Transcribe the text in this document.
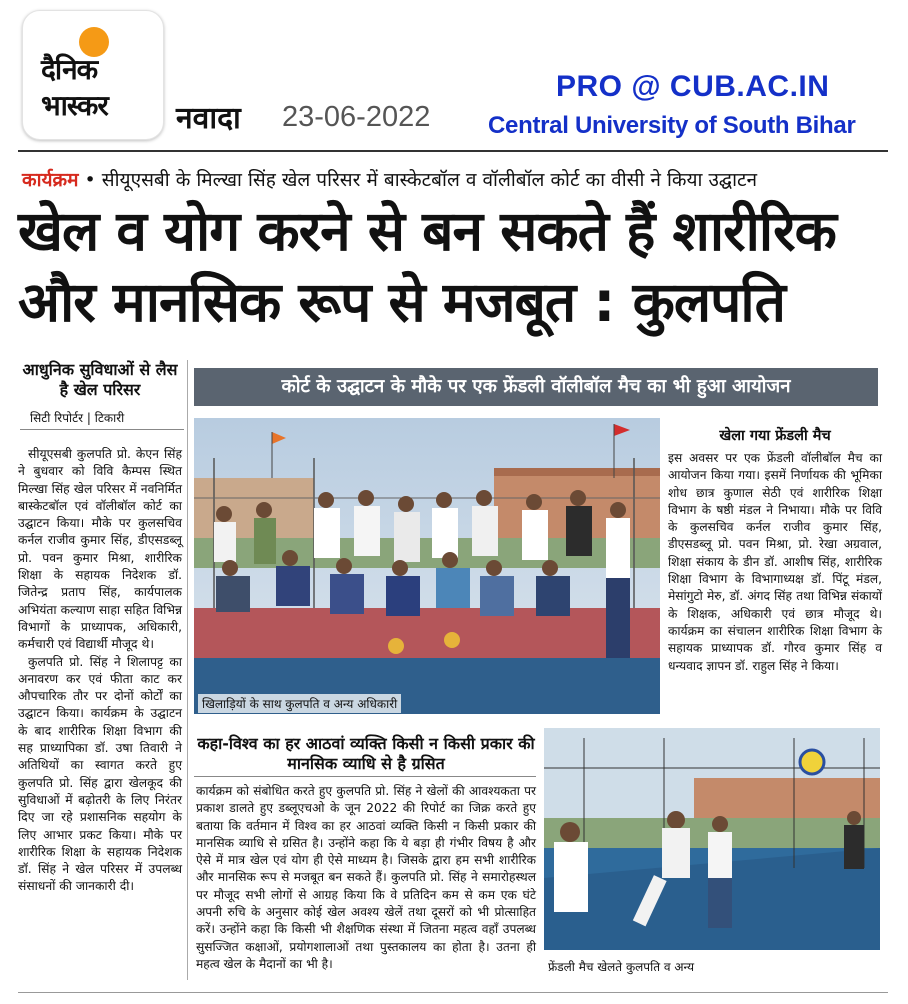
दैनिक
भास्कर नवादा 23-06-2022
PRO @ CUB.AC.IN
Central University of South Bihar
कार्यक्रम • सीयूएसबी के मिल्खा सिंह खेल परिसर में बास्केटबॉल व वॉलीबॉल कोर्ट का वीसी ने किया उद्घाटन
खेल व योग करने से बन सकते हैं शारीरिक और मानसिक रूप से मजबूत : कुलपति
आधुनिक सुविधाओं से लैस है खेल परिसर
सिटी रिपोर्टर | टिकारी

सीयूएसबी कुलपति प्रो. केएन सिंह ने बुधवार को विवि कैम्पस स्थित मिल्खा सिंह खेल परिसर में नवनिर्मित बास्केटबॉल एवं वॉलीबॉल कोर्ट का उद्घाटन किया। मौके पर कुलसचिव कर्नल राजीव कुमार सिंह, डीएसडब्लू प्रो. पवन कुमार मिश्रा, शारीरिक शिक्षा के सहायक निदेशक डॉ. जितेन्द्र प्रताप सिंह, कार्यपालक अभियंता कल्याण साहा सहित विभिन्न विभागों के प्राध्यापक, अधिकारी, कर्मचारी एवं विद्यार्थी मौजूद थे।

कुलपति प्रो. सिंह ने शिलापट्ट का अनावरण कर एवं फीता काट कर औपचारिक तौर पर दोनों कोर्टों का उद्घाटन किया। कार्यक्रम के उद्घाटन के बाद शारीरिक शिक्षा विभाग की सह प्राध्यापिका डॉ. उषा तिवारी ने अतिथियों का स्वागत करते हुए कुलपति प्रो. सिंह द्वारा खेलकूद की सुविधाओं में बढ़ोतरी के लिए निरंतर दिए जा रहे प्रशासनिक सहयोग के लिए आभार प्रकट किया। मौके पर शारीरिक शिक्षा के सहायक निदेशक डॉ. सिंह ने खेल परिसर में उपलब्ध संसाधनों की जानकारी दी।

कोर्ट के उद्घाटन के मौके पर एक फ्रेंडली वॉलीबॉल मैच का भी हुआ आयोजन
खिलाड़ियों के साथ कुलपति व अन्य अधिकारी
खेला गया फ्रेंडली मैच

इस अवसर पर एक फ्रेंडली वॉलीबॉल मैच का आयोजन किया गया। इसमें निर्णायक की भूमिका शोध छात्र कुणाल सेठी एवं शारीरिक शिक्षा विभाग के षष्ठी मंडल ने निभाया। मौके पर विवि के कुलसचिव कर्नल राजीव कुमार सिंह, डीएसडब्लू प्रो. पवन मिश्रा, प्रो. रेखा अग्रवाल, शिक्षा संकाय के डीन डॉ. आशीष सिंह, शारीरिक शिक्षा विभाग के विभागाध्यक्ष डॉ. पिंटू मंडल, मेसांगुटो मेरु, डॉ. अंगद सिंह तथा विभिन्न संकायों के शिक्षक, अधिकारी एवं छात्र मौजूद थे। कार्यक्रम का संचालन शारीरिक शिक्षा विभाग के सहायक प्राध्यापक डॉ. गौरव कुमार सिंह व धन्यवाद ज्ञापन डॉ. राहुल सिंह ने किया।

कहा-विश्व का हर आठवां व्यक्ति किसी न किसी प्रकार की मानसिक व्याधि से है ग्रसित

कार्यक्रम को संबोधित करते हुए कुलपति प्रो. सिंह ने खेलों की आवश्यकता पर प्रकाश डालते हुए डब्लूएचओ के जून 2022 की रिपोर्ट का जिक्र करते हुए बताया कि वर्तमान में विश्व का हर आठवां व्यक्ति किसी न किसी प्रकार की मानसिक व्याधि से ग्रसित है। उन्होंने कहा कि ये बड़ा ही गंभीर विषय है और ऐसे में मात्र खेल एवं योग ही ऐसे माध्यम है। जिसके द्वारा हम सभी शारीरिक और मानसिक रूप से मजबूत बन सकते हैं। कुलपति प्रो. सिंह ने समारोहस्थल पर मौजूद सभी लोगों से आग्रह किया कि वे प्रतिदिन कम से कम एक घंटे अपनी रुचि के अनुसार कोई खेल अवश्य खेलें तथा दूसरों को भी प्रोत्साहित करें। उन्होंने कहा कि किसी भी शैक्षणिक संस्था में जितना महत्व वहाँ उपलब्ध सुसज्जित कक्षाओं, प्रयोगशालाओं तथा पुस्तकालय का होता है। उतना ही महत्व खेल के मैदानों का भी है।	फ्रेंडली मैच खेलते कुलपति व अन्य
